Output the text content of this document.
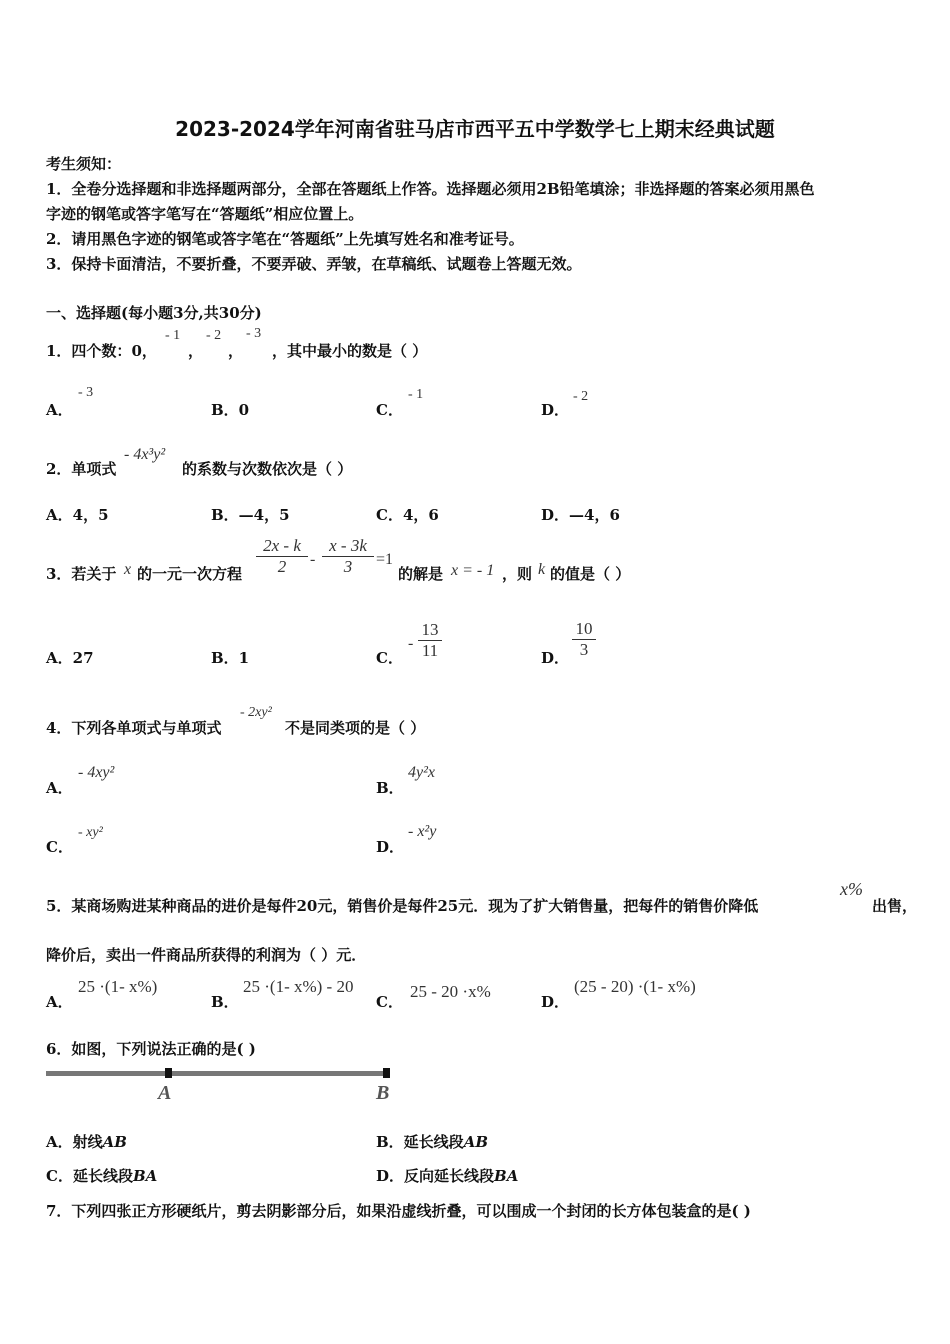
2023-2024学年河南省驻马店市西平五中学数学七上期末经典试题
考生须知：
1．全卷分选择题和非选择题两部分，全部在答题纸上作答。选择题必须用2B铅笔填涂；非选择题的答案必须用黑色
字迹的钢笔或答字笔写在“答题纸”相应位置上。
2．请用黑色字迹的钢笔或答字笔在“答题纸”上先填写姓名和准考证号。
3．保持卡面清洁，不要折叠，不要弄破、弄皱，在草稿纸、试题卷上答题无效。
一、选择题(每小题3分,共30分)
1．四个数：0，
- 1
，
- 2
，
- 3
，其中最小的数是（ ）
A．
- 3
B．0	C．
- 1
D．
- 2
2．单项式
- 4x³y²
的系数与次数依次是（ ）
A．4，5	B．—4，5	C．4，6	D．—4，6
3．若关于 x 的一元一次方程 $\frac{2x - k}{2} - \frac{x - 3k}{3} =1$
的解是 x = - 1 ，则 k 的值是（ ）
A．27	B．1	C．
- $\frac{13}{11}$	D． $\frac{10}{3}$
4．下列各单项式与单项式
- 2xy²
不是同类项的是（ ）
A．
- 4xy²
B．
4y²x
C．
- xy²
D．
- x²y
5．某商场购进某种商品的进价是每件20元，销售价是每件25元．现为了扩大销售量，把每件的销售价降低
x%
出售，
降价后，卖出一件商品所获得的利润为（ ）元．
A．
25 ·(1- x%)
B．
25 ·(1- x%) - 20
C．
25 - 20 ·x%
D．
(25 - 20) ·(1- x%)
6．如图，下列说法正确的是( )
A	B
A．射线AB	B．延长线段AB
C．延长线段BA	D．反向延长线段BA
7．下列四张正方形硬纸片，剪去阴影部分后，如果沿虚线折叠，可以围成一个封闭的长方体包装盒的是( )
